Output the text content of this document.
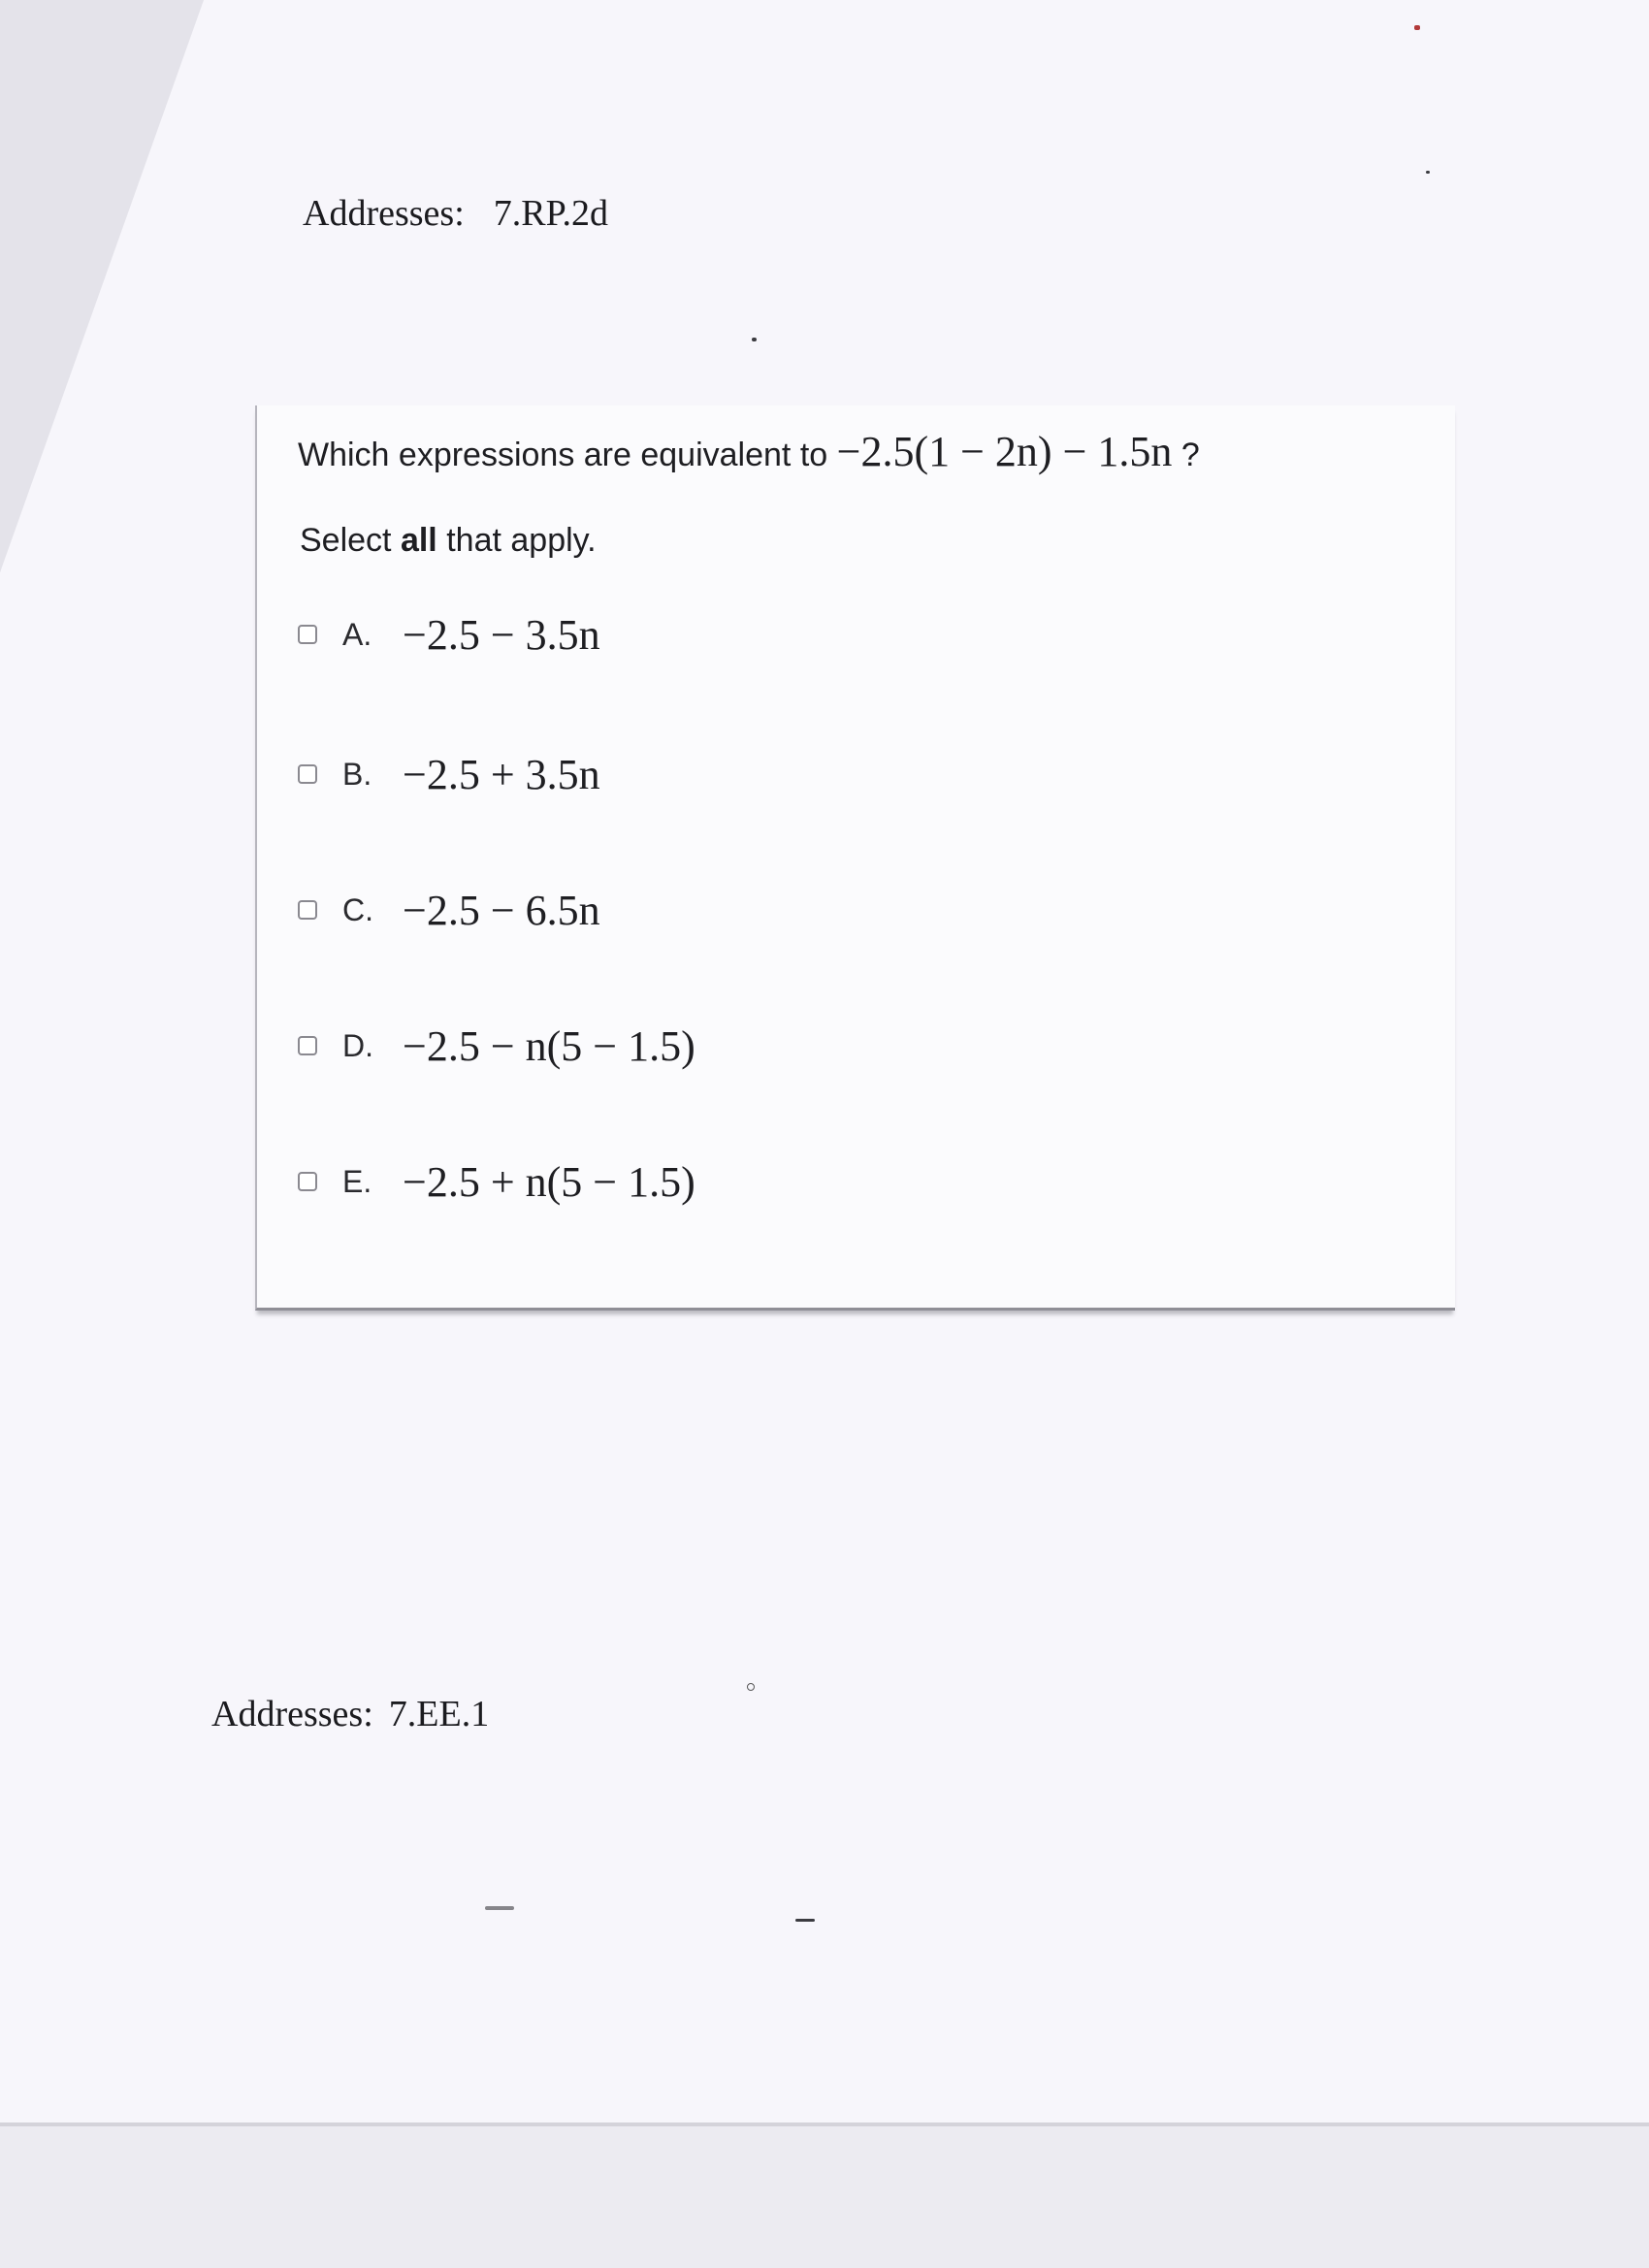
Addresses: 7.RP.2d
Which expressions are equivalent to −2.5(1 − 2n) − 1.5n ?
Select all that apply.
A. −2.5 − 3.5n
B. −2.5 + 3.5n
C. −2.5 − 6.5n
D. −2.5 − n(5 − 1.5)
E. −2.5 + n(5 − 1.5)
Addresses: 7.EE.1
